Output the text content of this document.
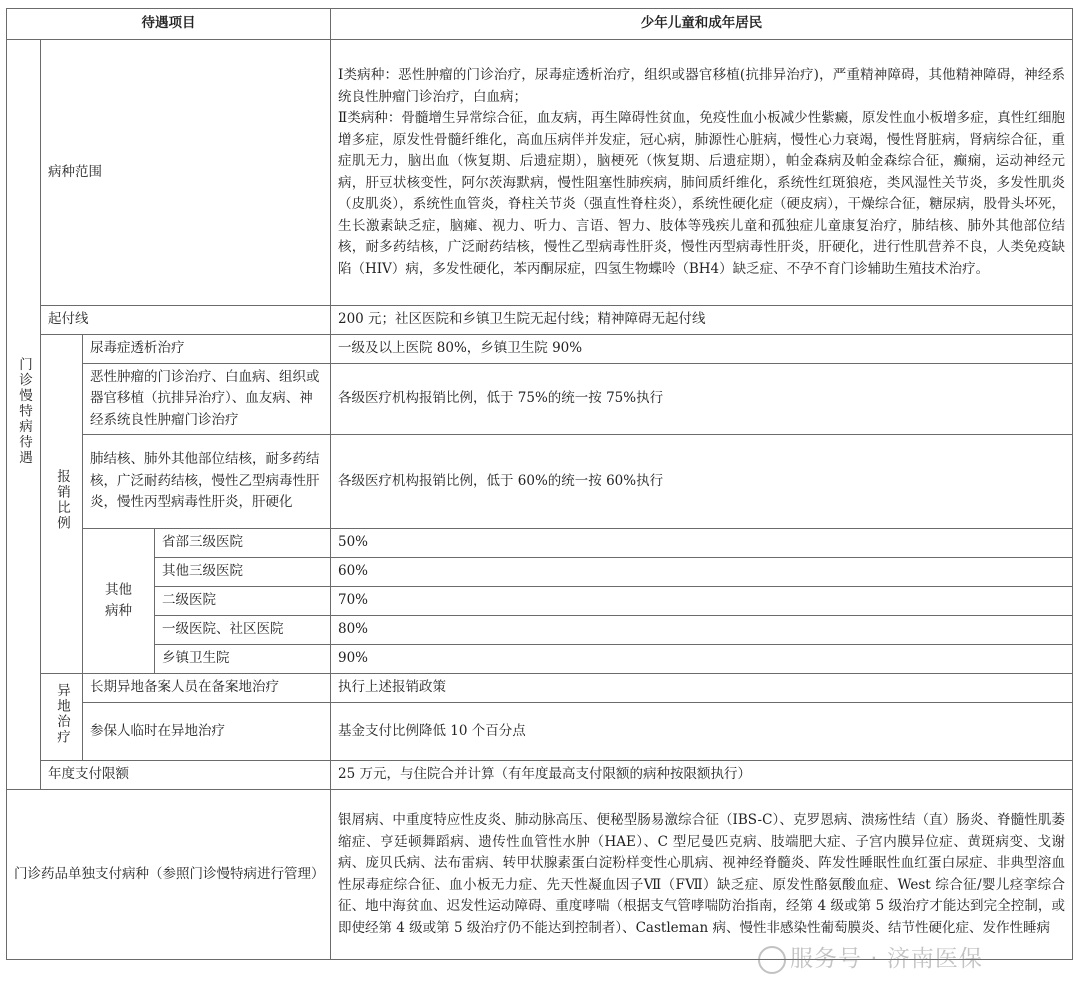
待遇项目				少年儿童和成年居民
门诊慢特病待遇	病种范围			Ⅰ类病种：恶性肿瘤的门诊治疗，尿毒症透析治疗，组织或器官移植(抗排异治疗)，严重精神障碍，其他精神障碍，神经系统良性肿瘤门诊治疗，白血病；
Ⅱ类病种：骨髓增生异常综合征，血友病，再生障碍性贫血，免疫性血小板减少性紫癜，原发性血小板增多症，真性红细胞增多症，原发性骨髓纤维化，高血压病伴并发症，冠心病，肺源性心脏病，慢性心力衰竭，慢性肾脏病，肾病综合征，重症肌无力，脑出血（恢复期、后遗症期），脑梗死（恢复期、后遗症期），帕金森病及帕金森综合征，癫痫，运动神经元病，肝豆状核变性，阿尔茨海默病，慢性阻塞性肺疾病，肺间质纤维化，系统性红斑狼疮，类风湿性关节炎，多发性肌炎（皮肌炎），系统性血管炎，脊柱关节炎（强直性脊柱炎），系统性硬化症（硬皮病），干燥综合征，糖尿病，股骨头坏死，生长激素缺乏症，脑瘫、视力、听力、言语、智力、肢体等残疾儿童和孤独症儿童康复治疗，肺结核、肺外其他部位结核，耐多药结核，广泛耐药结核，慢性乙型病毒性肝炎，慢性丙型病毒性肝炎，肝硬化，进行性肌营养不良，人类免疫缺陷（HIV）病，多发性硬化，苯丙酮尿症，四氢生物蝶呤（BH4）缺乏症、不孕不育门诊辅助生殖技术治疗。

	起付线			200 元；社区医院和乡镇卫生院无起付线；精神障碍无起付线
	报销比例	尿毒症透析治疗		一级及以上医院 80%，乡镇卫生院 90%
		恶性肿瘤的门诊治疗、白血病、组织或器官移植（抗排异治疗）、血友病、神经系统良性肿瘤门诊治疗		各级医疗机构报销比例，低于 75%的统一按 75%执行
		肺结核、肺外其他部位结核，耐多药结核，广泛耐药结核，慢性乙型病毒性肝炎，慢性丙型病毒性肝炎，肝硬化		各级医疗机构报销比例，低于 60%的统一按 60%执行
		其他病种	省部三级医院	50%
			其他三级医院	60%
			二级医院	70%
			一级医院、社区医院	80%
			乡镇卫生院	90%
	异地治疗	长期异地备案人员在备案地治疗		执行上述报销政策
		参保人临时在异地治疗		基金支付比例降低 10 个百分点
	年度支付限额			25 万元，与住院合并计算（有年度最高支付限额的病种按限额执行）
门诊药品单独支付病种（参照门诊慢特病进行管理）				银屑病、中重度特应性皮炎、肺动脉高压、便秘型肠易激综合征（IBS-C）、克罗恩病、溃疡性结（直）肠炎、脊髓性肌萎缩症、亨廷顿舞蹈病、遗传性血管性水肿（HAE）、C 型尼曼匹克病、肢端肥大症、子宫内膜异位症、黄斑病变、戈谢病、庞贝氏病、法布雷病、转甲状腺素蛋白淀粉样变性心肌病、视神经脊髓炎、阵发性睡眠性血红蛋白尿症、非典型溶血性尿毒症综合征、血小板无力症、先天性凝血因子Ⅶ（FⅦ）缺乏症、原发性酪氨酸血症、West 综合征/婴儿痉挛综合征、地中海贫血、迟发性运动障碍、重度哮喘（根据支气管哮喘防治指南，经第 4 级或第 5 级治疗才能达到完全控制，或即使经第 4 级或第 5 级治疗仍不能达到控制者）、Castleman 病、慢性非感染性葡萄膜炎、结节性硬化症、发作性睡病
服务号 · 济南医保
